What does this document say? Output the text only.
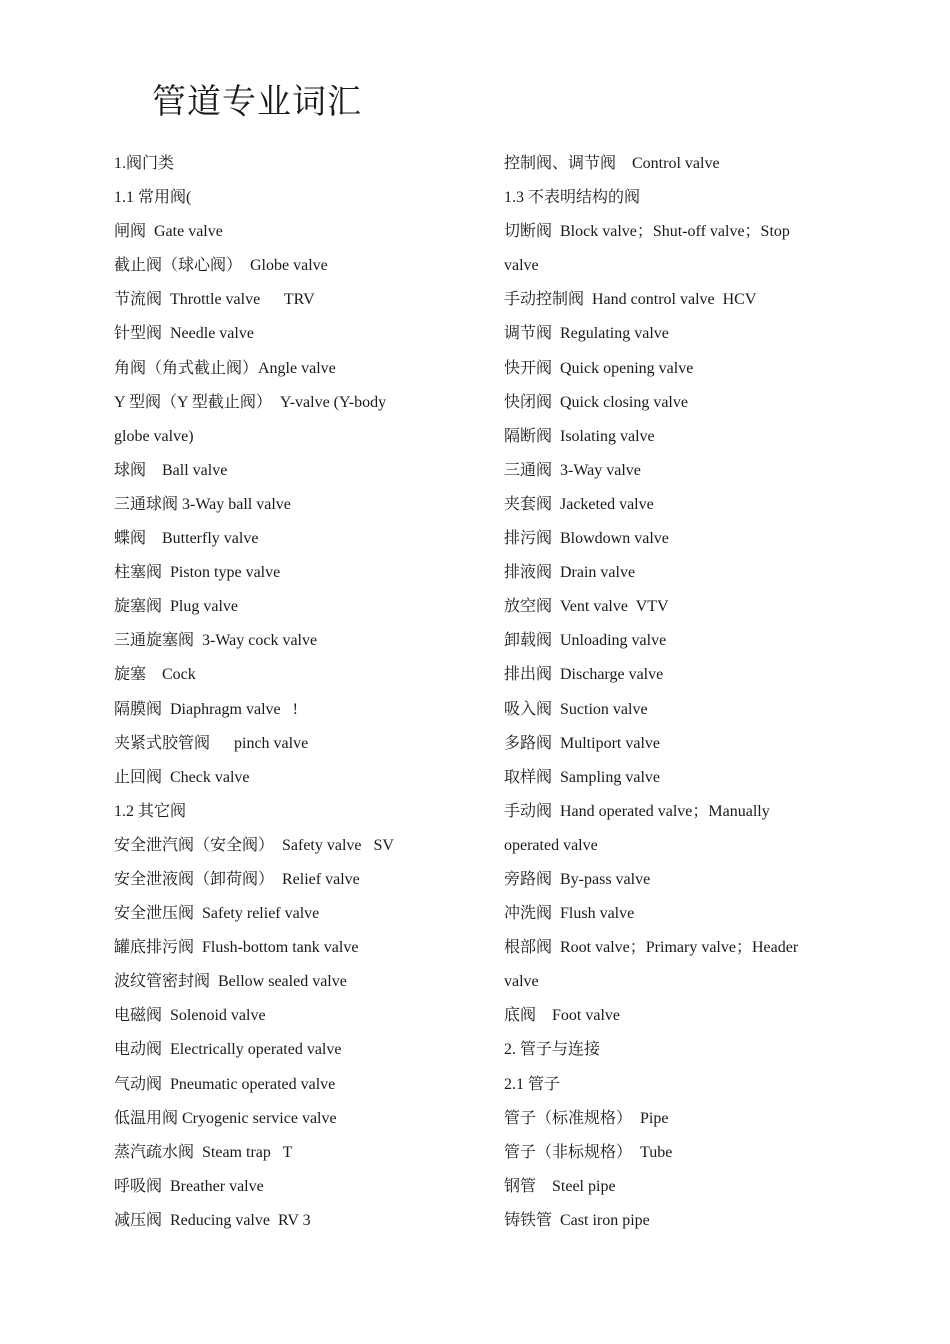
管道专业词汇
1.阀门类
1.1 常用阀(
闸阀  Gate valve
截止阀（球心阀）  Globe valve
节流阀  Throttle valve      TRV
针型阀  Needle valve
角阀（角式截止阀）Angle valve
Y 型阀（Y 型截止阀）  Y-valve (Y-body
globe valve)
球阀    Ball valve
三通球阀 3-Way ball valve
蝶阀    Butterfly valve
柱塞阀  Piston type valve
旋塞阀  Plug valve
三通旋塞阀  3-Way cock valve
旋塞    Cock
隔膜阀  Diaphragm valve   !
夹紧式胶管阀      pinch valve
止回阀  Check valve
1.2 其它阀
安全泄汽阀（安全阀）  Safety valve   SV
安全泄液阀（卸荷阀）  Relief valve
安全泄压阀  Safety relief valve
罐底排污阀  Flush-bottom tank valve
波纹管密封阀  Bellow sealed valve
电磁阀  Solenoid valve
电动阀  Electrically operated valve
气动阀  Pneumatic operated valve
低温用阀 Cryogenic service valve
蒸汽疏水阀  Steam trap   T
呼吸阀  Breather valve
减压阀  Reducing valve  RV 3
控制阀、调节阀    Control valve
1.3 不表明结构的阀
切断阀  Block valve；Shut-off valve；Stop
valve
手动控制阀  Hand control valve  HCV
调节阀  Regulating valve
快开阀  Quick opening valve
快闭阀  Quick closing valve
隔断阀  Isolating valve
三通阀  3-Way valve
夹套阀  Jacketed valve
排污阀  Blowdown valve
排液阀  Drain valve
放空阀  Vent valve  VTV
卸载阀  Unloading valve
排出阀  Discharge valve
吸入阀  Suction valve
多路阀  Multiport valve
取样阀  Sampling valve
手动阀  Hand operated valve；Manually
operated valve
旁路阀  By-pass valve
冲洗阀  Flush valve
根部阀  Root valve；Primary valve；Header
valve
底阀    Foot valve
2. 管子与连接
2.1 管子
管子（标准规格）  Pipe
管子（非标规格）  Tube
钢管    Steel pipe
铸铁管  Cast iron pipe
